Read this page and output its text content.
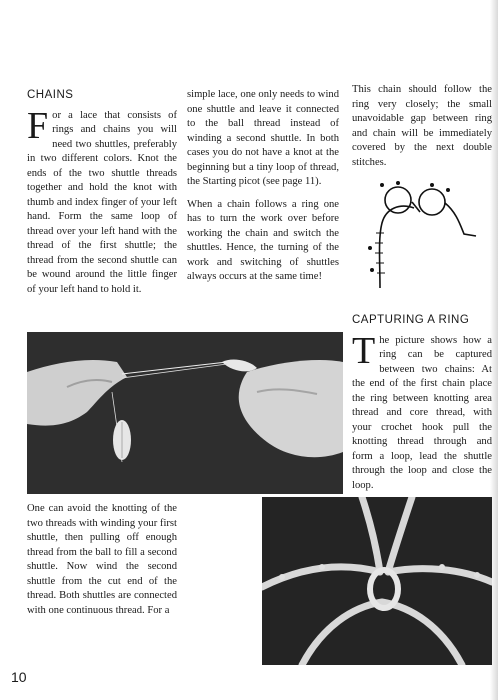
CHAINS

F or a lace that consists of rings and chains you will need two shuttles, preferably in two different colors. Knot the ends of the two shuttle threads together and hold the knot with thumb and index finger of your left hand. Form the same loop of thread over your left hand with the thread of the first shuttle; the thread from the second shuttle can be wound around the little finger of your left hand to hold it.

simple lace, one only needs to wind one shuttle and leave it connected to the ball thread instead of winding a second shuttle. In both cases you do not have a knot at the beginning but a tiny loop of thread, the Starting picot (see page 11).

When a chain follows a ring one has to turn the work over before working the chain and switch the shuttles. Hence, the turning of the work and switching of shuttles always occurs at the same time!

This chain should follow the ring very closely; the small unavoidable gap between ring and chain will be immediately covered by the next double stitches.

CAPTURING A RING

T he picture shows how a ring can be captured between two chains: At the end of the first chain place the ring between knotting area thread and core thread, with your crochet hook pull the knotting thread through and form a loop, lead the shuttle through the loop and close the loop.

One can avoid the knotting of the two threads with winding your first shuttle, then pulling off enough thread from the ball to fill a second shuttle. Now wind the second shuttle from the cut end of the thread. Both shuttles are connected with one continuous thread. For a

10
